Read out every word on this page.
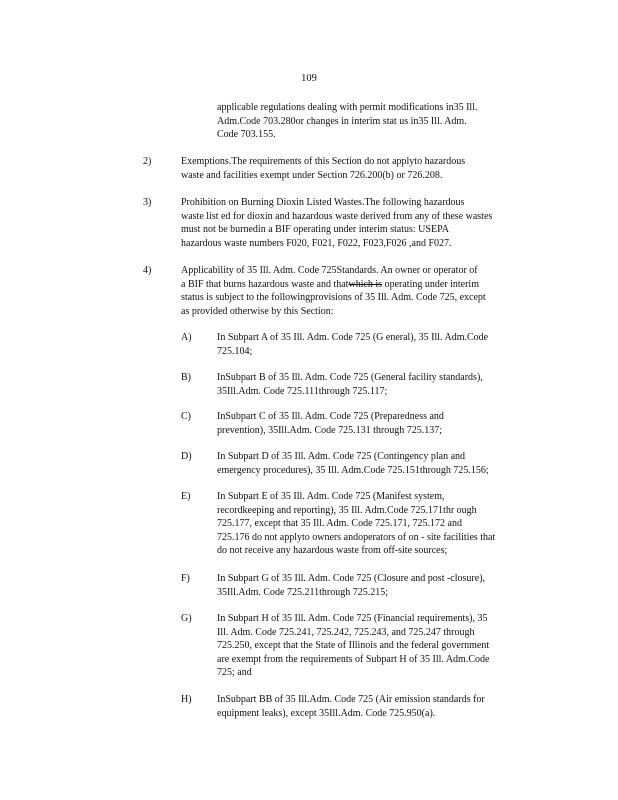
109
applicable regulations dealing with permit modifications in35 Ill.
Adm.Code 703.280or changes in interim stat us in35 Ill. Adm.
Code 703.155.
2)	Exemptions.The requirements of this Section do not applyto hazardous
waste and facilities exempt under Section 726.200(b) or 726.208.
3)	Prohibition on Burning Dioxin Listed Wastes.The following hazardous
waste list ed for dioxin and hazardous waste derived from any of these wastes
must not be burnedin a BIF operating under interim status: USEPA
hazardous waste numbers F020, F021, F022, F023,F026 ,and F027.
4)	Applicability of 35 Ill. Adm. Code 725Standards. An owner or operator of
a BIF that burns hazardous waste and thatwhich is operating under interim
status is subject to the followingprovisions of 35 Ill. Adm. Code 725, except
as provided otherwise by this Section:
A)	In Subpart A of 35 Ill. Adm. Code 725 (G eneral), 35 Ill. Adm.Code
725.104;
B)	InSubpart B of 35 Ill. Adm. Code 725 (General facility standards),
35Ill.Adm. Code 725.111through 725.117;
C)	InSubpart C of 35 Ill. Adm. Code 725 (Preparedness and
prevention), 35Ill.Adm. Code 725.131 through 725.137;
D)	In Subpart D of 35 Ill. Adm. Code 725 (Contingency plan and
emergency procedures), 35 Ill. Adm.Code 725.151through 725.156;
E)	In Subpart E of 35 Ill. Adm. Code 725 (Manifest system,
recordkeeping and reporting), 35 Ill. Adm.Code 725.171thr ough
725.177, except that 35 Ill. Adm. Code 725.171, 725.172 and
725.176 do not applyto owners andoperators of on - site facilities that
do not receive any hazardous waste from off-site sources;
F)	In Subpart G of 35 Ill. Adm. Code 725 (Closure and post -closure),
35Ill.Adm. Code 725.211through 725.215;
G)	In Subpart H of 35 Ill. Adm. Code 725 (Financial requirements), 35
Ill. Adm. Code 725.241, 725.242, 725.243, and 725.247 through
725.250, except that the State of Illinois and the federal government
are exempt from the requirements of Subpart H of 35 Ill. Adm.Code
725; and
H)	InSubpart BB of 35 Ill.Adm. Code 725 (Air emission standards for
equipment leaks), except 35Ill.Adm. Code 725.950(a).
